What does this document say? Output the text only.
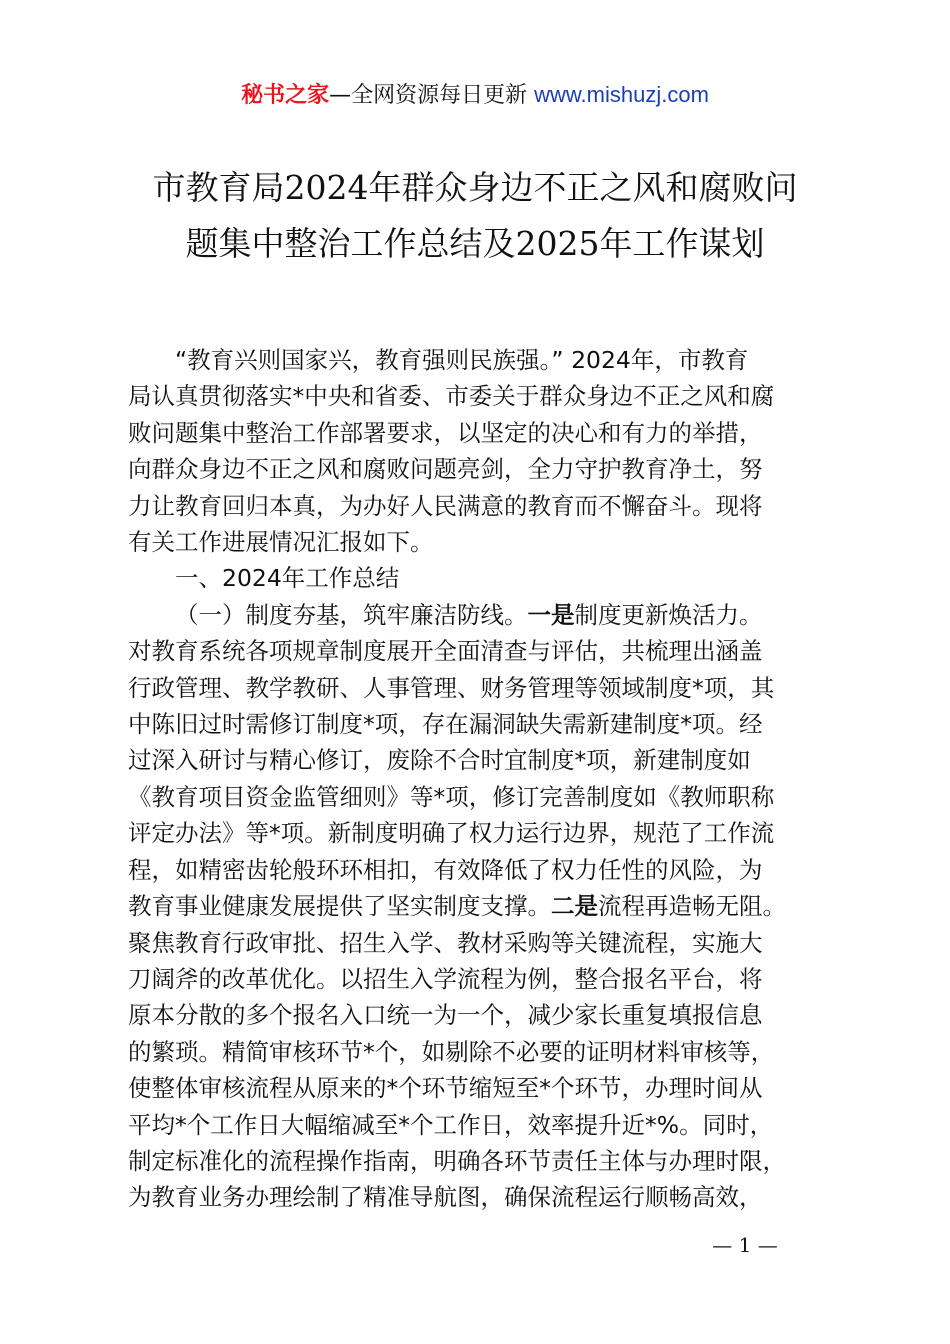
秘书之家—全网资源每日更新 www.mishuzj.com
市教育局2024年群众身边不正之风和腐败问
题集中整治工作总结及2025年工作谋划
“教育兴则国家兴，教育强则民族强。” 2024年，市教育
局认真贯彻落实*中央和省委、市委关于群众身边不正之风和腐
败问题集中整治工作部署要求，以坚定的决心和有力的举措，
向群众身边不正之风和腐败问题亮剑，全力守护教育净土，努
力让教育回归本真，为办好人民满意的教育而不懈奋斗。现将
有关工作进展情况汇报如下。
一、2024年工作总结
（一）制度夯基，筑牢廉洁防线。一是制度更新焕活力。
对教育系统各项规章制度展开全面清查与评估，共梳理出涵盖
行政管理、教学教研、人事管理、财务管理等领域制度*项，其
中陈旧过时需修订制度*项，存在漏洞缺失需新建制度*项。经
过深入研讨与精心修订，废除不合时宜制度*项，新建制度如
《教育项目资金监管细则》等*项，修订完善制度如《教师职称
评定办法》等*项。新制度明确了权力运行边界，规范了工作流
程，如精密齿轮般环环相扣，有效降低了权力任性的风险，为
教育事业健康发展提供了坚实制度支撑。二是流程再造畅无阻。
聚焦教育行政审批、招生入学、教材采购等关键流程，实施大
刀阔斧的改革优化。以招生入学流程为例，整合报名平台，将
原本分散的多个报名入口统一为一个，减少家长重复填报信息
的繁琐。精简审核环节*个，如剔除不必要的证明材料审核等，
使整体审核流程从原来的*个环节缩短至*个环节，办理时间从
平均*个工作日大幅缩减至*个工作日，效率提升近*%。同时，
制定标准化的流程操作指南，明确各环节责任主体与办理时限，
为教育业务办理绘制了精准导航图，确保流程运行顺畅高效，
— 1 —
